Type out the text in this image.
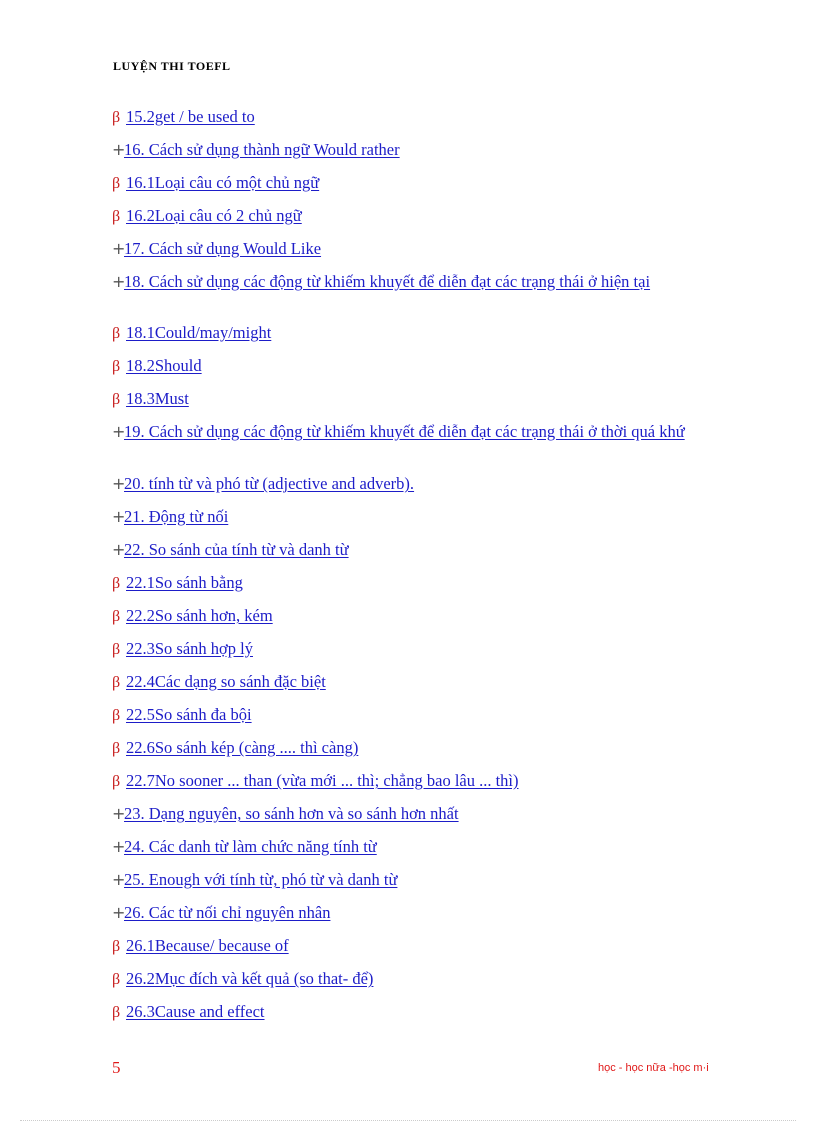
LUYỆN THI TOEFL
β 15.2get / be used to
+16. Cách sử dụng thành ngữ Would rather
β 16.1Loại câu có một chủ ngữ
β 16.2Loại câu có 2 chủ ngữ
+17. Cách sử dụng Would Like
+18. Cách sử dụng các động từ khiếm khuyết để diễn đạt các trạng thái ở hiện tại
β 18.1Could/may/might
β 18.2Should
β 18.3Must
+19. Cách sử dụng các động từ khiếm khuyết để diễn đạt các trạng thái ở thời quá khứ
+20. tính từ và phó từ (adjective and adverb).
+21. Động từ nối
+22. So sánh của tính từ và danh từ
β 22.1So sánh bằng
β 22.2So sánh hơn, kém
β 22.3So sánh hợp lý
β 22.4Các dạng so sánh đặc biệt
β 22.5So sánh đa bội
β 22.6So sánh kép (càng .... thì càng)
β 22.7No sooner ... than (vừa mới ... thì; chẳng bao lâu ... thì)
+23. Dạng nguyên, so sánh hơn và so sánh hơn nhất
+24. Các danh từ làm chức năng tính từ
+25. Enough với tính từ, phó từ và danh từ
+26. Các từ nối chỉ nguyên nhân
β 26.1Because/ because of
β 26.2Mục đích và kết quả (so that- để)
β 26.3Cause and effect
5	học - học nữa -học m·i
